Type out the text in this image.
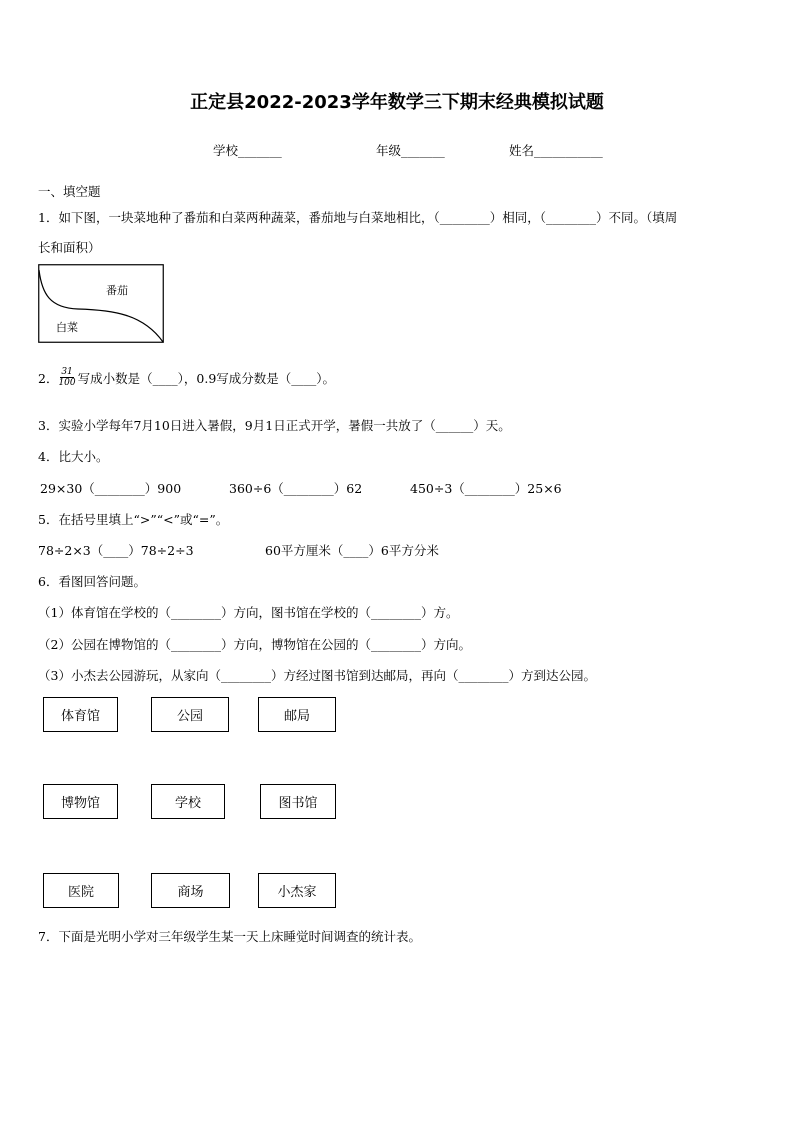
正定县2022-2023学年数学三下期末经典模拟试题
学校_______	年级_______	姓名___________
一、填空题
1．如下图，一块菜地种了番茄和白菜两种蔬菜，番茄地与白菜地相比，（________）相同，（________）不同。（填周
长和面积）
番茄
白菜
2． $\frac{31}{100}$ 写成小数是（____），0.9写成分数是（____）。
3．实验小学每年7月10日进入暑假，9月1日正式开学，暑假一共放了（______）天。
4．比大小。
29×30（________）900	360÷6（________）62	450÷3（________）25×6
5．在括号里填上“>”“<”或“=”。
78÷2×3（____）78÷2÷3	60平方厘米（____）6平方分米
6．看图回答问题。
（1）体育馆在学校的（________）方向，图书馆在学校的（________）方。
（2）公园在博物馆的（________）方向，博物馆在公园的（________）方向。
（3）小杰去公园游玩，从家向（________）方经过图书馆到达邮局，再向（________）方到达公园。
体育馆	公园	邮局
博物馆	学校	图书馆
医院	商场	小杰家
7．下面是光明小学对三年级学生某一天上床睡觉时间调查的统计表。
